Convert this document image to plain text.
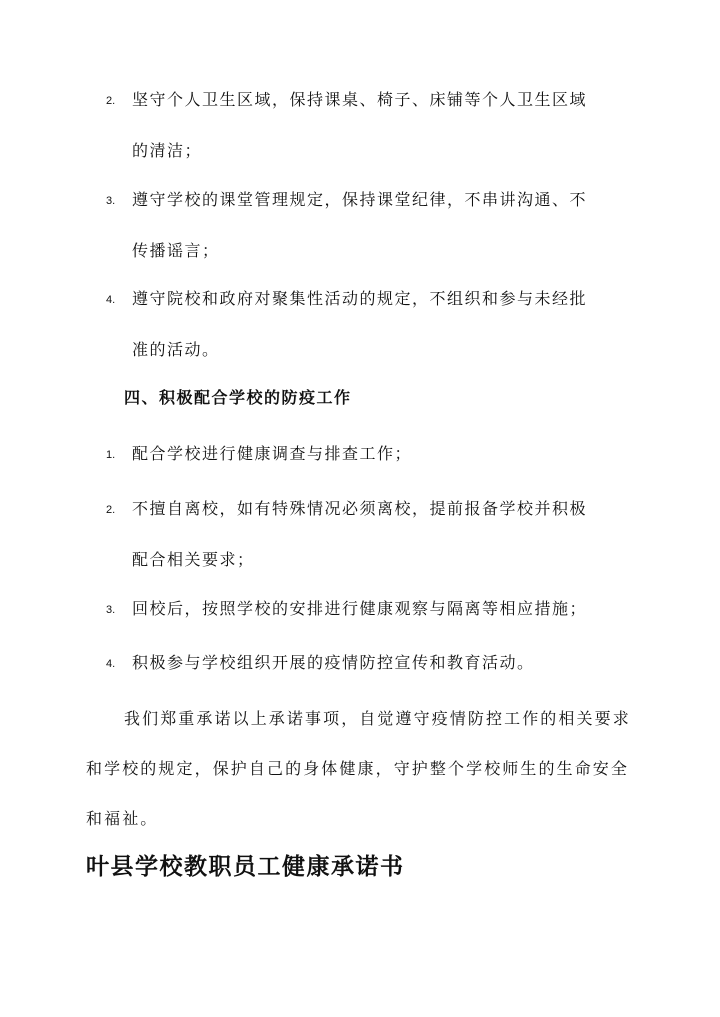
2. 坚守个人卫生区域，保持课桌、椅子、床铺等个人卫生区域
的清洁；
3. 遵守学校的课堂管理规定，保持课堂纪律，不串讲沟通、不
传播谣言；
4. 遵守院校和政府对聚集性活动的规定，不组织和参与未经批
准的活动。
四、积极配合学校的防疫工作
1. 配合学校进行健康调查与排查工作；
2. 不擅自离校，如有特殊情况必须离校，提前报备学校并积极
配合相关要求；
3. 回校后，按照学校的安排进行健康观察与隔离等相应措施；
4. 积极参与学校组织开展的疫情防控宣传和教育活动。
我们郑重承诺以上承诺事项，自觉遵守疫情防控工作的相关要求和学校的规定，保护自己的身体健康，守护整个学校师生的生命安全和福祉。
叶县学校教职员工健康承诺书
